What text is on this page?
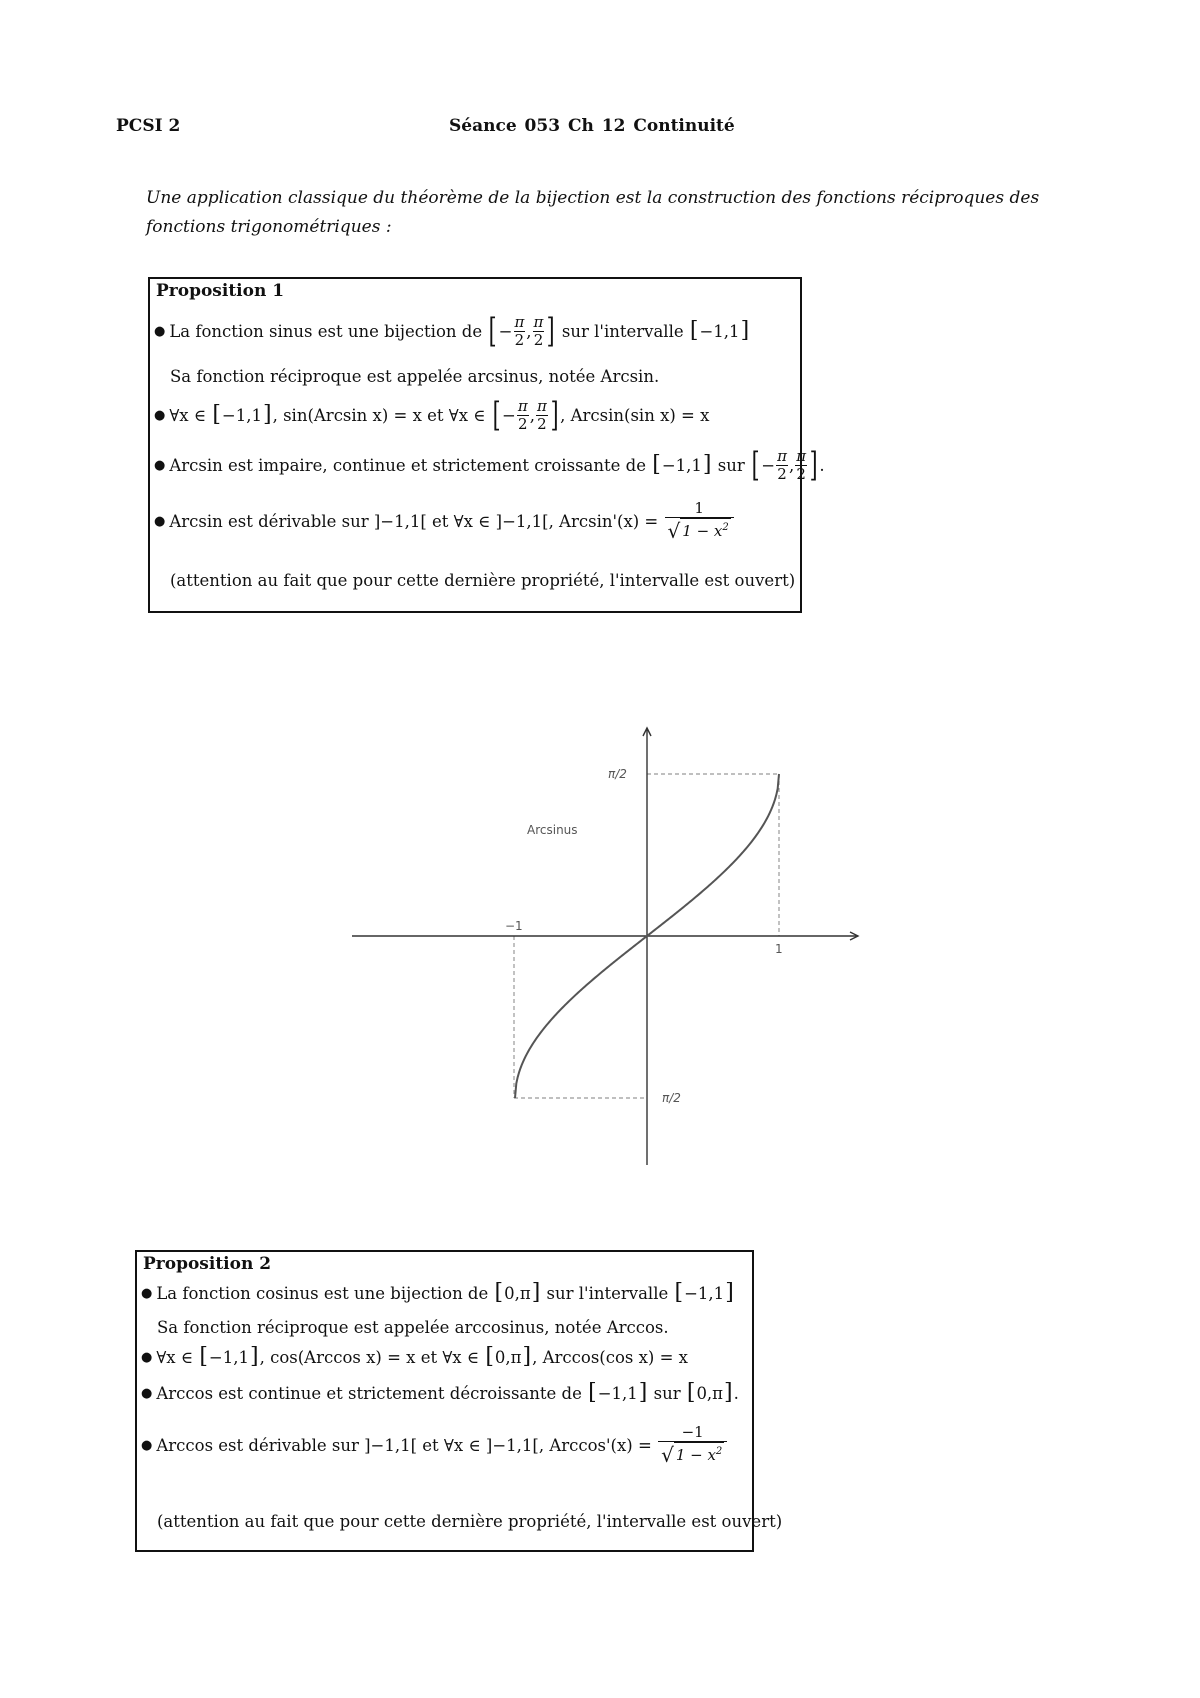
PCSI 2	Séance 053 Ch 12 Continuité
Une application classique du théorème de la bijection est la construction des fonctions réciproques des fonctions trigonométriques :
Proposition 1
● La fonction sinus est une bijection de
[ − $\frac{\pi}{2}$ , $\frac{\pi}{2}$ ]
sur l'intervalle
[ −1,1 ]
Sa fonction réciproque est appelée arcsinus, notée Arcsin.
● ∀x ∈
[ −1,1 ] , sin(Arcsin x) = x et ∀x ∈
[ − $\frac{\pi}{2}$ , $\frac{\pi}{2}$ ] , Arcsin(sin x) = x
● Arcsin est impaire, continue et strictement croissante de
[ −1,1 ]
sur
[ − $\frac{\pi}{2}$ , $\frac{\pi}{2}$ ] .
● Arcsin est dérivable sur ]−1,1[ et ∀x ∈ ]−1,1[, Arcsin'(x) =
$\frac{1}{√ 1 - x^2}$
(attention au fait que pour cette dernière propriété, l'intervalle est ouvert)
Arcsinus
π/2
π/2
−1
1
Proposition 2
● La fonction cosinus est une bijection de
[ 0,π ]
sur l'intervalle
[ −1,1 ]
Sa fonction réciproque est appelée arccosinus, notée Arccos.
● ∀x ∈
[ −1,1 ] , cos(Arccos x) = x et ∀x ∈
[ 0,π ] , Arccos(cos x) = x
● Arccos est continue et strictement décroissante de
[ −1,1 ]
sur
[ 0,π ] .
● Arccos est dérivable sur ]−1,1[ et ∀x ∈ ]−1,1[, Arccos'(x) =
$\frac{-1}{√ 1 - x^2}$
(attention au fait que pour cette dernière propriété, l'intervalle est ouvert)
